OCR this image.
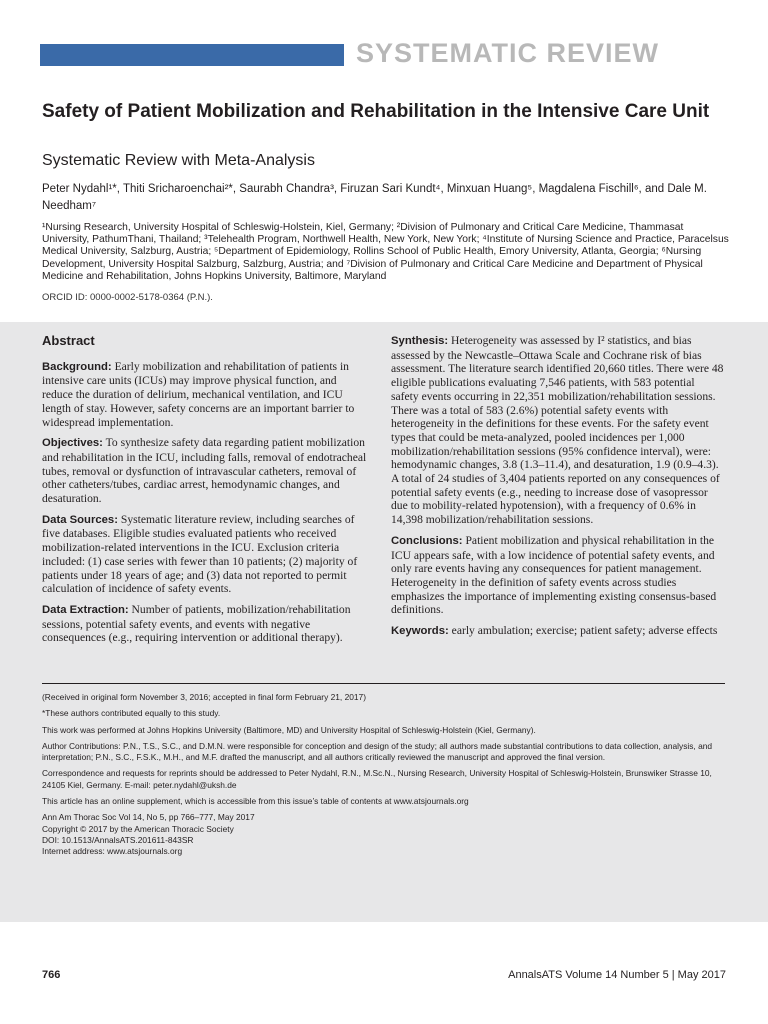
SYSTEMATIC REVIEW
Safety of Patient Mobilization and Rehabilitation in the Intensive Care Unit
Systematic Review with Meta-Analysis
Peter Nydahl¹*, Thiti Sricharoenchai²*, Saurabh Chandra³, Firuzan Sari Kundt⁴, Minxuan Huang⁵, Magdalena Fischill⁶, and Dale M. Needham⁷
¹Nursing Research, University Hospital of Schleswig-Holstein, Kiel, Germany; ²Division of Pulmonary and Critical Care Medicine, Thammasat University, PathumThani, Thailand; ³Telehealth Program, Northwell Health, New York, New York; ⁴Institute of Nursing Science and Practice, Paracelsus Medical University, Salzburg, Austria; ⁵Department of Epidemiology, Rollins School of Public Health, Emory University, Atlanta, Georgia; ⁶Nursing Development, University Hospital Salzburg, Salzburg, Austria; and ⁷Division of Pulmonary and Critical Care Medicine and Department of Physical Medicine and Rehabilitation, Johns Hopkins University, Baltimore, Maryland
ORCID ID: 0000-0002-5178-0364 (P.N.).
Abstract

Background: Early mobilization and rehabilitation of patients in intensive care units (ICUs) may improve physical function, and reduce the duration of delirium, mechanical ventilation, and ICU length of stay. However, safety concerns are an important barrier to widespread implementation.

Objectives: To synthesize safety data regarding patient mobilization and rehabilitation in the ICU, including falls, removal of endotracheal tubes, removal or dysfunction of intravascular catheters, removal of other catheters/tubes, cardiac arrest, hemodynamic changes, and desaturation.

Data Sources: Systematic literature review, including searches of five databases. Eligible studies evaluated patients who received mobilization-related interventions in the ICU. Exclusion criteria included: (1) case series with fewer than 10 patients; (2) majority of patients under 18 years of age; and (3) data not reported to permit calculation of incidence of safety events.

Data Extraction: Number of patients, mobilization/rehabilitation sessions, potential safety events, and events with negative consequences (e.g., requiring intervention or additional therapy).

Synthesis: Heterogeneity was assessed by I² statistics, and bias assessed by the Newcastle–Ottawa Scale and Cochrane risk of bias assessment. The literature search identified 20,660 titles. There were 48 eligible publications evaluating 7,546 patients, with 583 potential safety events occurring in 22,351 mobilization/rehabilitation sessions. There was a total of 583 (2.6%) potential safety events with heterogeneity in the definitions for these events. For the safety event types that could be meta-analyzed, pooled incidences per 1,000 mobilization/rehabilitation sessions (95% confidence interval), were: hemodynamic changes, 3.8 (1.3–11.4), and desaturation, 1.9 (0.9–4.3). A total of 24 studies of 3,404 patients reported on any consequences of potential safety events (e.g., needing to increase dose of vasopressor due to mobility-related hypotension), with a frequency of 0.6% in 14,398 mobilization/rehabilitation sessions.

Conclusions: Patient mobilization and physical rehabilitation in the ICU appears safe, with a low incidence of potential safety events, and only rare events having any consequences for patient management. Heterogeneity in the definition of safety events across studies emphasizes the importance of implementing existing consensus-based definitions.

Keywords: early ambulation; exercise; patient safety; adverse effects

(Received in original form November 3, 2016; accepted in final form February 21, 2017)

*These authors contributed equally to this study.

This work was performed at Johns Hopkins University (Baltimore, MD) and University Hospital of Schleswig-Holstein (Kiel, Germany).

Author Contributions: P.N., T.S., S.C., and D.M.N. were responsible for conception and design of the study; all authors made substantial contributions to data collection, analysis, and interpretation; P.N., S.C., F.S.K., M.H., and M.F. drafted the manuscript, and all authors critically reviewed the manuscript and approved the final version.

Correspondence and requests for reprints should be addressed to Peter Nydahl, R.N., M.Sc.N., Nursing Research, University Hospital of Schleswig-Holstein, Brunswiker Strasse 10, 24105 Kiel, Germany. E-mail: peter.nydahl@uksh.de

This article has an online supplement, which is accessible from this issue’s table of contents at www.atsjournals.org

Ann Am Thorac Soc Vol 14, No 5, pp 766–777, May 2017

Copyright © 2017 by the American Thoracic Society

DOI: 10.1513/AnnalsATS.201611-843SR

Internet address: www.atsjournals.org

766	AnnalsATS Volume 14 Number 5 | May 2017
